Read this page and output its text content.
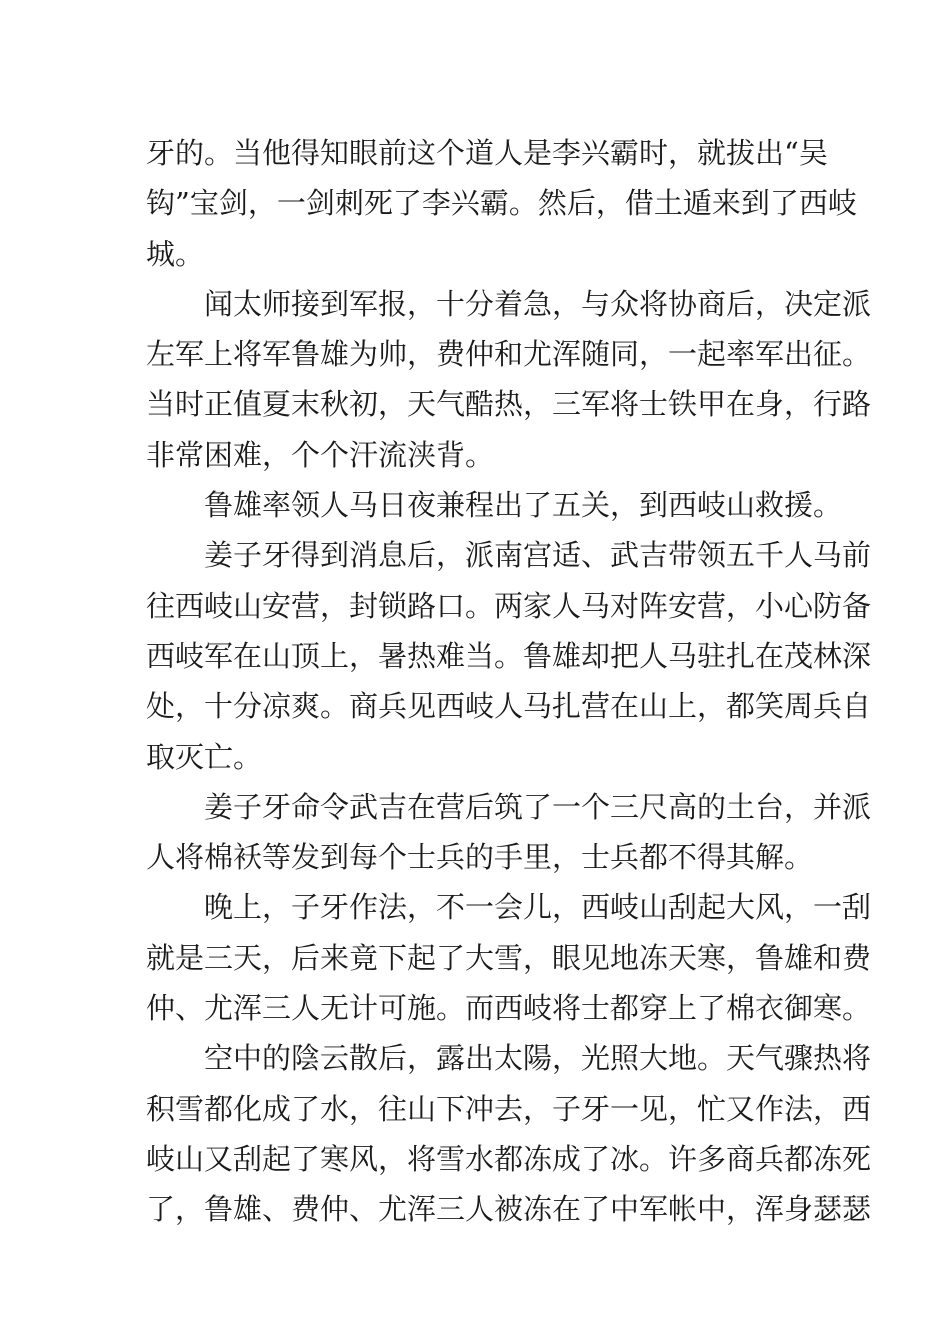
牙的。当他得知眼前这个道人是李兴霸时，就拔出“吴
钩”宝剑，一剑刺死了李兴霸。然后，借土遁来到了西岐
城。
闻太师接到军报，十分着急，与众将协商后，决定派
左军上将军鲁雄为帅，费仲和尤浑随同，一起率军出征。
当时正值夏末秋初，天气酷热，三军将士铁甲在身，行路
非常困难，个个汗流浃背。
鲁雄率领人马日夜兼程出了五关，到西岐山救援。
姜子牙得到消息后，派南宫适、武吉带领五千人马前
往西岐山安营，封锁路口。两家人马对阵安营，小心防备
西岐军在山顶上，暑热难当。鲁雄却把人马驻扎在茂林深
处，十分凉爽。商兵见西岐人马扎营在山上，都笑周兵自
取灭亡。
姜子牙命令武吉在营后筑了一个三尺高的土台，并派
人将棉袄等发到每个士兵的手里，士兵都不得其解。
晚上，子牙作法，不一会儿，西岐山刮起大风，一刮
就是三天，后来竟下起了大雪，眼见地冻天寒，鲁雄和费
仲、尤浑三人无计可施。而西岐将士都穿上了棉衣御寒。
空中的陰云散后，露出太陽，光照大地。天气骤热将
积雪都化成了水，往山下冲去，子牙一见，忙又作法，西
岐山又刮起了寒风，将雪水都冻成了冰。许多商兵都冻死
了，鲁雄、费仲、尤浑三人被冻在了中军帐中，浑身瑟瑟
